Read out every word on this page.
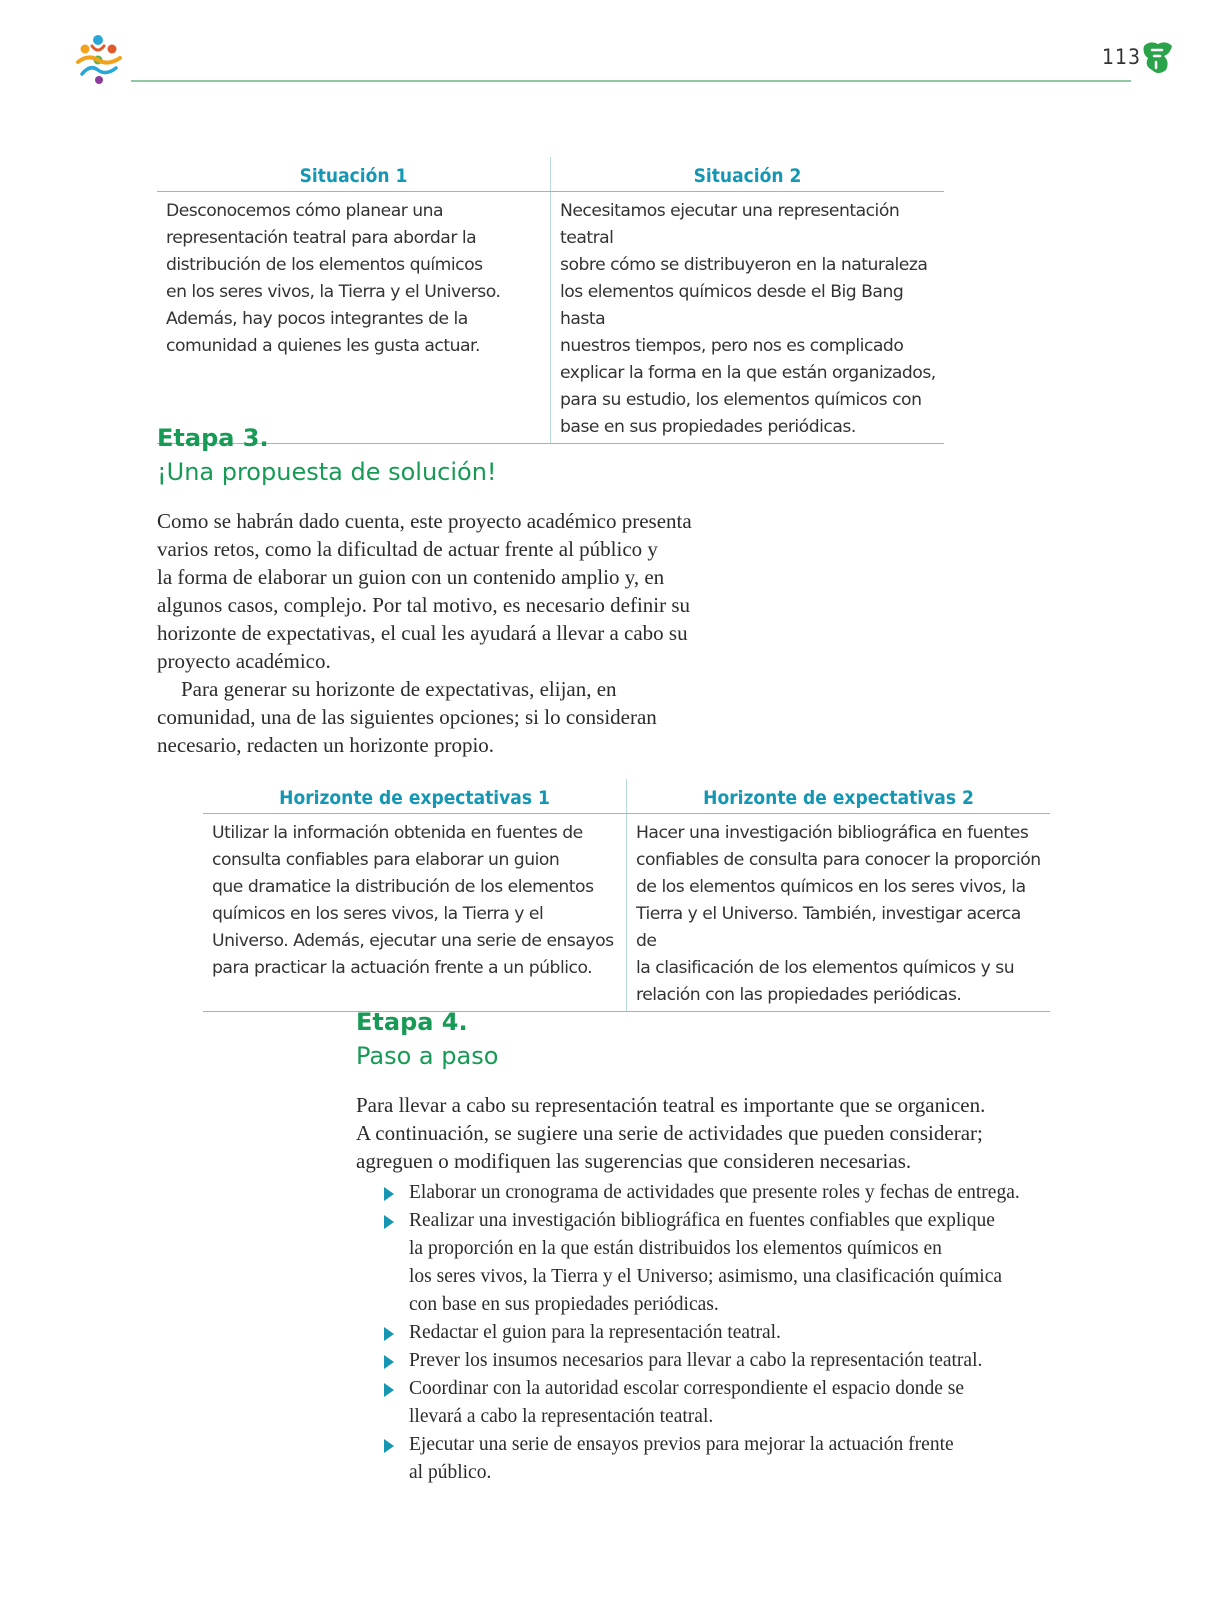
113
Situación 1	Situación 2
Desconocemos cómo planear una
representación teatral para abordar la
distribución de los elementos químicos
en los seres vivos, la Tierra y el Universo.
Además, hay pocos integrantes de la
comunidad a quienes les gusta actuar.
Necesitamos ejecutar una representación teatral
sobre cómo se distribuyeron en la naturaleza
los elementos químicos desde el Big Bang hasta
nuestros tiempos, pero nos es complicado
explicar la forma en la que están organizados,
para su estudio, los elementos químicos con
base en sus propiedades periódicas.
Etapa 3.
¡Una propuesta de solución!
Como se habrán dado cuenta, este proyecto académico presenta
varios retos, como la dificultad de actuar frente al público y
la forma de elaborar un guion con un contenido amplio y, en
algunos casos, complejo. Por tal motivo, es necesario definir su
horizonte de expectativas, el cual les ayudará a llevar a cabo su
proyecto académico.
Para generar su horizonte de expectativas, elijan, en
comunidad, una de las siguientes opciones; si lo consideran
necesario, redacten un horizonte propio.
Horizonte de expectativas 1	Horizonte de expectativas 2
Utilizar la información obtenida en fuentes de
consulta confiables para elaborar un guion
que dramatice la distribución de los elementos
químicos en los seres vivos, la Tierra y el
Universo. Además, ejecutar una serie de ensayos
para practicar la actuación frente a un público.
Hacer una investigación bibliográfica en fuentes
confiables de consulta para conocer la proporción
de los elementos químicos en los seres vivos, la
Tierra y el Universo. También, investigar acerca de
la clasificación de los elementos químicos y su
relación con las propiedades periódicas.
Etapa 4.
Paso a paso
Para llevar a cabo su representación teatral es importante que se organicen.
A continuación, se sugiere una serie de actividades que pueden considerar;
agreguen o modifiquen las sugerencias que consideren necesarias.
Elaborar un cronograma de actividades que presente roles y fechas de entrega.
Realizar una investigación bibliográfica en fuentes confiables que explique
la proporción en la que están distribuidos los elementos químicos en
los seres vivos, la Tierra y el Universo; asimismo, una clasificación química
con base en sus propiedades periódicas.
Redactar el guion para la representación teatral.
Prever los insumos necesarios para llevar a cabo la representación teatral.
Coordinar con la autoridad escolar correspondiente el espacio donde se
llevará a cabo la representación teatral.
Ejecutar una serie de ensayos previos para mejorar la actuación frente
al público.
